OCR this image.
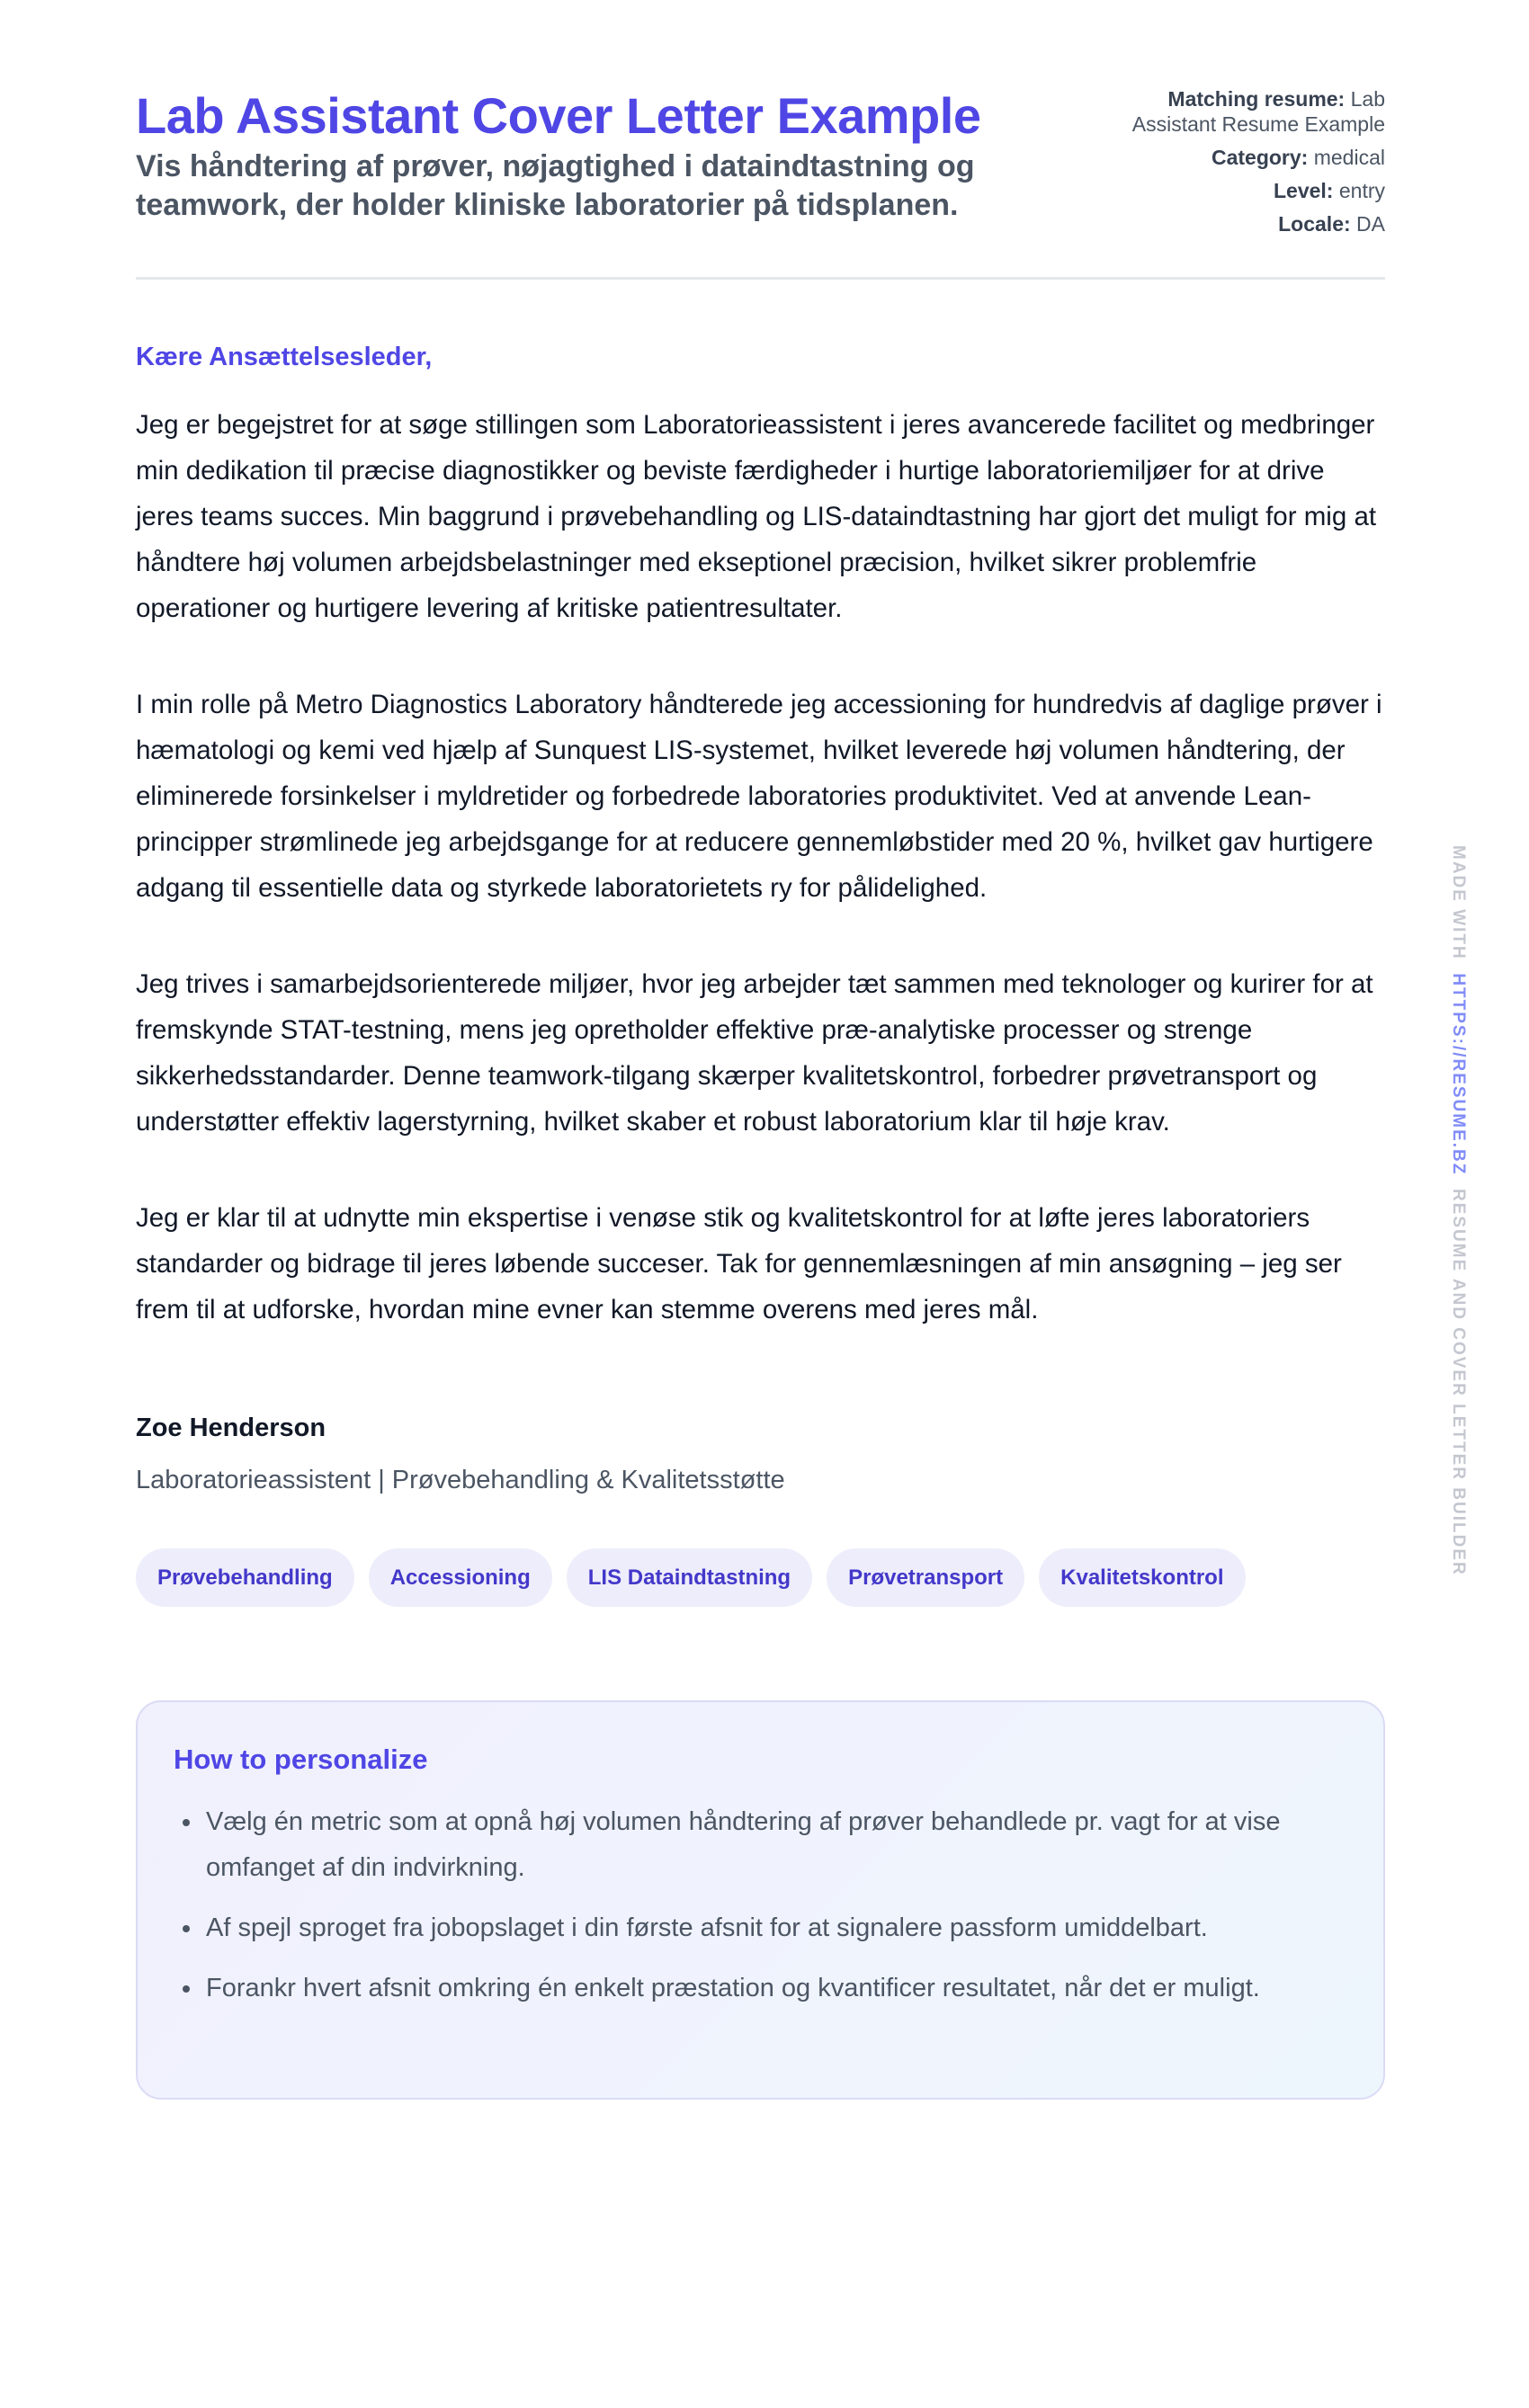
Lab Assistant Cover Letter Example

Vis håndtering af prøver, nøjagtighed i dataindtastning og teamwork, der holder kliniske laboratorier på tidsplanen.

Matching resume: Lab Assistant Resume Example
Category: medical
Level: entry
Locale: DA

Kære Ansættelsesleder,

Jeg er begejstret for at søge stillingen som Laboratorieassistent i jeres avancerede facilitet og medbringer min dedikation til præcise diagnostikker og beviste færdigheder i hurtige laboratoriemiljøer for at drive jeres teams succes. Min baggrund i prøvebehandling og LIS-dataindtastning har gjort det muligt for mig at håndtere høj volumen arbejdsbelastninger med ekseptionel præcision, hvilket sikrer problemfrie operationer og hurtigere levering af kritiske patientresultater.

I min rolle på Metro Diagnostics Laboratory håndterede jeg accessioning for hundredvis af daglige prøver i hæmatologi og kemi ved hjælp af Sunquest LIS-systemet, hvilket leverede høj volumen håndtering, der eliminerede forsinkelser i myldretider og forbedrede laboratories produktivitet. Ved at anvende Lean-principper strømlinede jeg arbejdsgange for at reducere gennemløbstider med 20 %, hvilket gav hurtigere adgang til essentielle data og styrkede laboratorietets ry for pålidelighed.

Jeg trives i samarbejdsorienterede miljøer, hvor jeg arbejder tæt sammen med teknologer og kurirer for at fremskynde STAT-testning, mens jeg opretholder effektive præ-analytiske processer og strenge sikkerhedsstandarder. Denne teamwork-tilgang skærper kvalitetskontrol, forbedrer prøvetransport og understøtter effektiv lagerstyrning, hvilket skaber et robust laboratorium klar til høje krav.

Jeg er klar til at udnytte min ekspertise i venøse stik og kvalitetskontrol for at løfte jeres laboratoriers standarder og bidrage til jeres løbende succeser. Tak for gennemlæsningen af min ansøgning – jeg ser frem til at udforske, hvordan mine evner kan stemme overens med jeres mål.

Zoe Henderson

Laboratorieassistent | Prøvebehandling & Kvalitetsstøtte

Prøvebehandling	Accessioning	LIS Dataindtastning	Prøvetransport	Kvalitetskontrol
How to personalize
Vælg én metric som at opnå høj volumen håndtering af prøver behandlede pr. vagt for at vise omfanget af din indvirkning.
Af spejl sproget fra jobopslaget i din første afsnit for at signalere passform umiddelbart.
Forankr hvert afsnit omkring én enkelt præstation og kvantificer resultatet, når det er muligt.
MADE WITH  HTTPS://RESUME.BZ  RESUME AND COVER LETTER BUILDER
